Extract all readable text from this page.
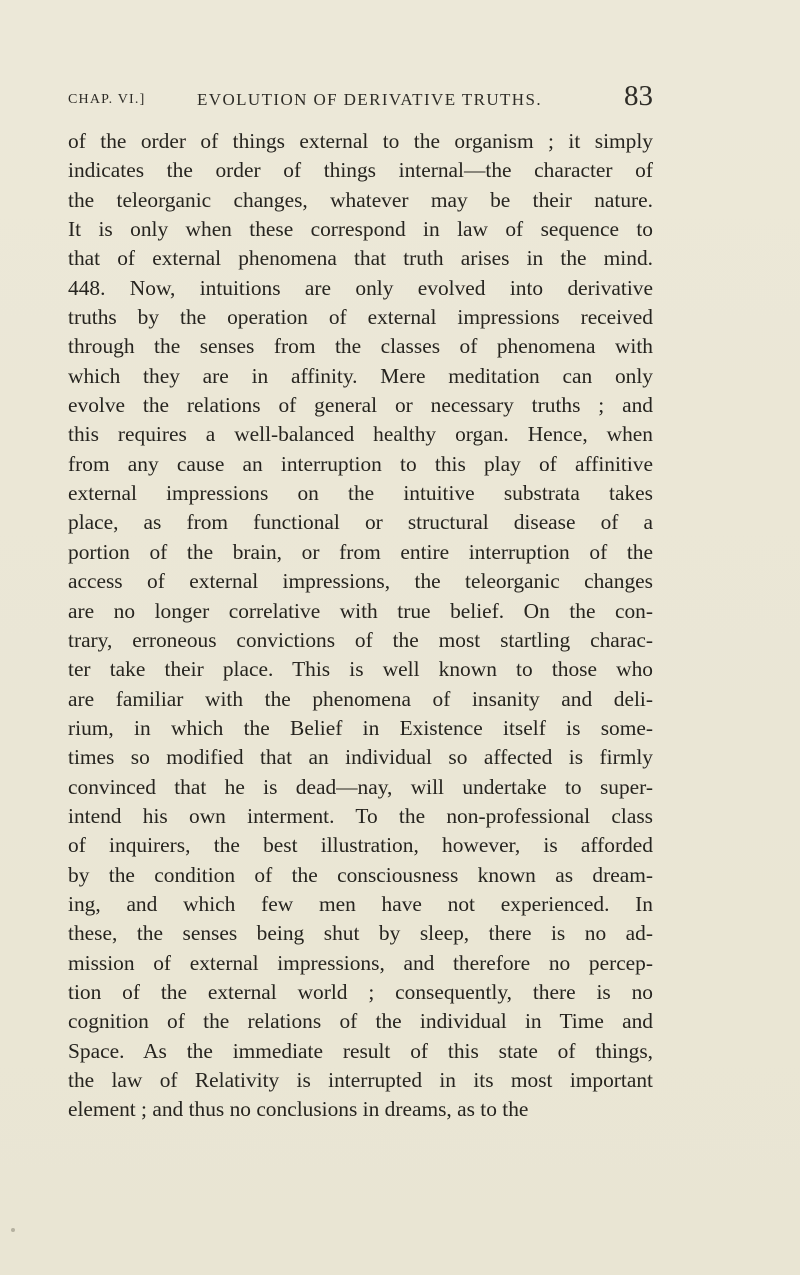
CHAP. VI.]	EVOLUTION OF DERIVATIVE TRUTHS.	83
of the order of things external to the organism ; it simply
indicates the order of things internal—the character of
the teleorganic changes, whatever may be their nature.
It is only when these correspond in law of sequence to
that of external phenomena that truth arises in the mind.
448. Now, intuitions are only evolved into derivative
truths by the operation of external impressions received
through the senses from the classes of phenomena with
which they are in affinity. Mere meditation can only
evolve the relations of general or necessary truths ; and
this requires a well-balanced healthy organ. Hence, when
from any cause an interruption to this play of affinitive
external impressions on the intuitive substrata takes
place, as from functional or structural disease of a
portion of the brain, or from entire interruption of the
access of external impressions, the teleorganic changes
are no longer correlative with true belief. On the con-
trary, erroneous convictions of the most startling charac-
ter take their place. This is well known to those who
are familiar with the phenomena of insanity and deli-
rium, in which the Belief in Existence itself is some-
times so modified that an individual so affected is firmly
convinced that he is dead—nay, will undertake to super-
intend his own interment. To the non-professional class
of inquirers, the best illustration, however, is afforded
by the condition of the consciousness known as dream-
ing, and which few men have not experienced. In
these, the senses being shut by sleep, there is no ad-
mission of external impressions, and therefore no percep-
tion of the external world ; consequently, there is no
cognition of the relations of the individual in Time and
Space. As the immediate result of this state of things,
the law of Relativity is interrupted in its most important
element ; and thus no conclusions in dreams, as to the
